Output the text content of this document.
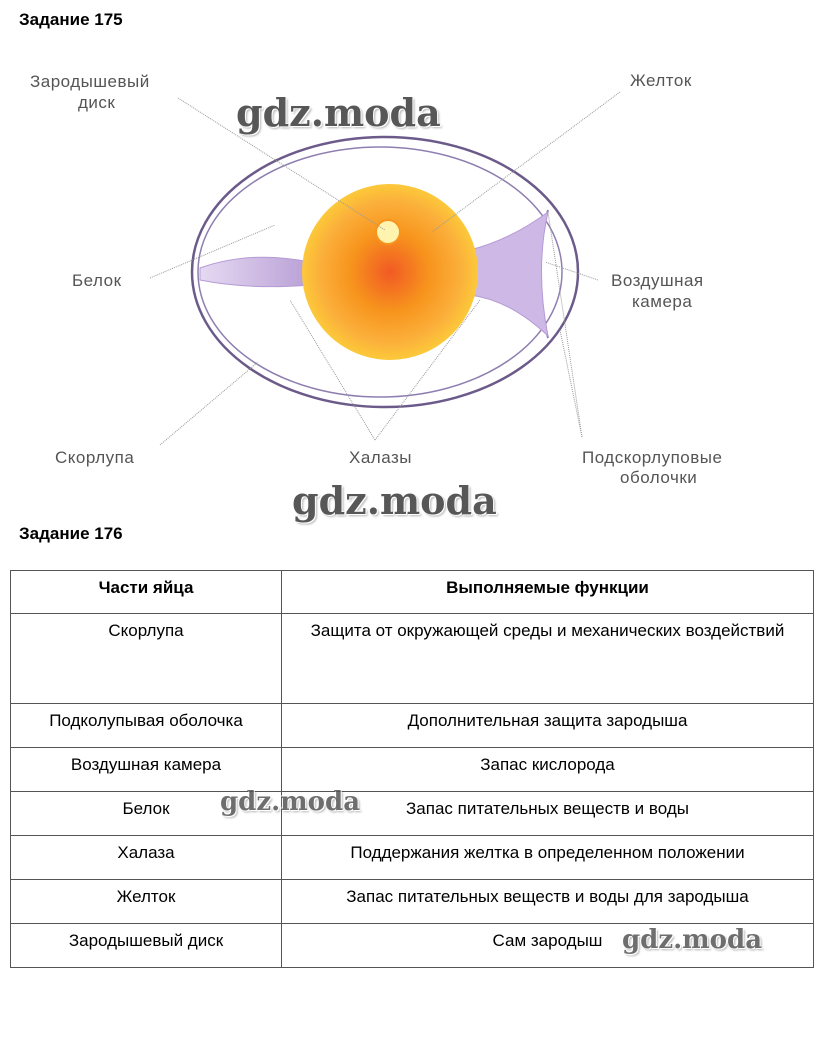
Задание 175
Зародышевый
диск
Желток
Белок	Воздушная
камера
Скорлупа	Халазы	Подскорлуповые
оболочки
gdz.moda
gdz.moda
Задание 176
Части яйца	Выполняемые функции
Скорлупа	Защита от окружающей среды и механических воздействий
Подколупывая оболочка	Дополнительная защита зародыша
Воздушная камера	Запас кислорода
Белок	Запас питательных веществ и воды
Халаза	Поддержания желтка в определенном положении
Желток	Запас питательных веществ и воды для зародыша
Зародышевый диск	Сам зародыш
gdz.moda
gdz.moda
